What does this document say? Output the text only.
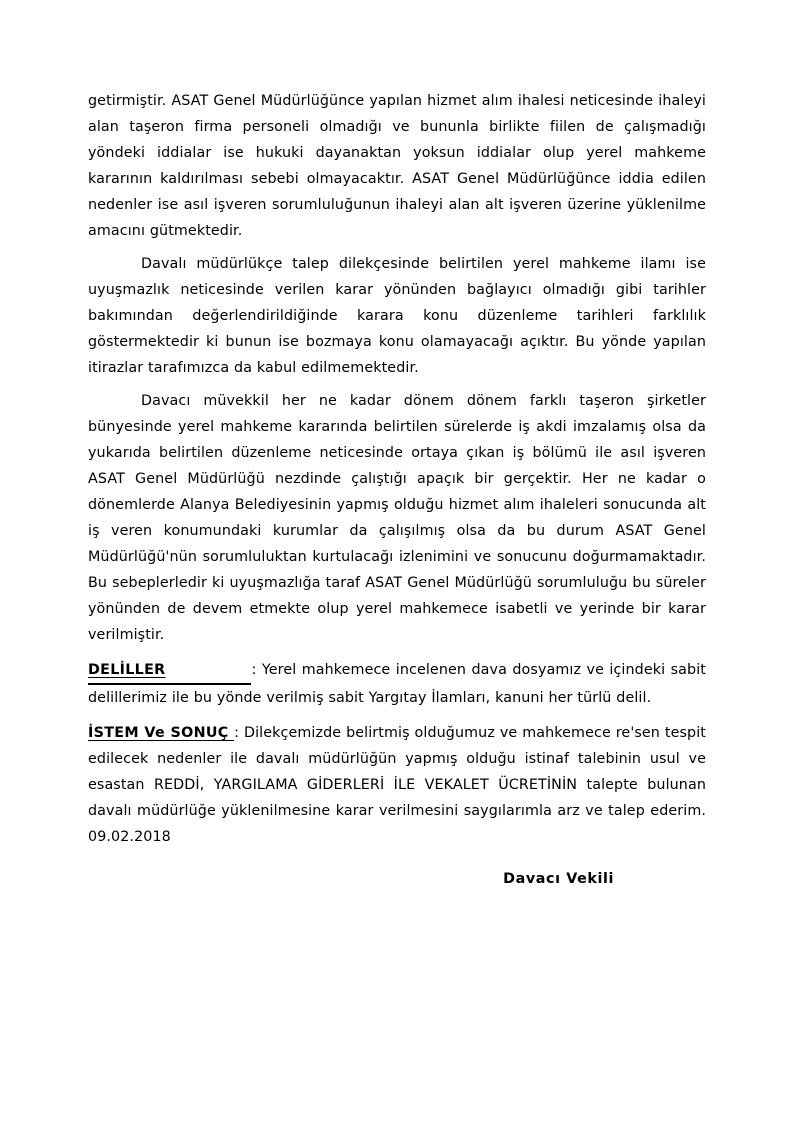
getirmiştir. ASAT Genel Müdürlüğünce yapılan hizmet alım ihalesi neticesinde ihaleyi alan taşeron firma personeli olmadığı ve bununla birlikte fiilen de çalışmadığı yöndeki iddialar ise hukuki dayanaktan yoksun iddialar olup yerel mahkeme kararının kaldırılması sebebi olmayacaktır. ASAT Genel Müdürlüğünce iddia edilen nedenler ise asıl işveren sorumluluğunun ihaleyi alan alt işveren üzerine yüklenilme amacını gütmektedir.

Davalı müdürlükçe talep dilekçesinde belirtilen yerel mahkeme ilamı ise uyuşmazlık neticesinde verilen karar yönünden bağlayıcı olmadığı gibi tarihler bakımından değerlendirildiğinde karara konu düzenleme tarihleri farklılık göstermektedir ki bunun ise bozmaya konu olamayacağı açıktır. Bu yönde yapılan itirazlar tarafımızca da kabul edilmemektedir.

Davacı müvekkil her ne kadar dönem dönem farklı taşeron şirketler bünyesinde yerel mahkeme kararında belirtilen sürelerde iş akdi imzalamış olsa da yukarıda belirtilen düzenleme neticesinde ortaya çıkan iş bölümü ile asıl işveren ASAT Genel Müdürlüğü nezdinde çalıştığı apaçık bir gerçektir. Her ne kadar o dönemlerde Alanya Belediyesinin yapmış olduğu hizmet alım ihaleleri sonucunda alt iş veren konumundaki kurumlar da çalışılmış olsa da bu durum ASAT Genel Müdürlüğü'nün sorumluluktan kurtulacağı izlenimini ve sonucunu doğurmamaktadır. Bu sebeplerledir ki uyuşmazlığa taraf ASAT Genel Müdürlüğü sorumluluğu bu süreler yönünden de devem etmekte olup yerel mahkemece isabetli ve yerinde bir karar verilmiştir.

DELİLLER	: Yerel mahkemece incelenen dava dosyamız ve içindeki sabit delillerimiz ile bu yönde verilmiş sabit Yargıtay İlamları, kanuni her türlü delil.

İSTEM Ve SONUÇ : Dilekçemizde belirtmiş olduğumuz ve mahkemece re'sen tespit edilecek nedenler ile davalı müdürlüğün yapmış olduğu istinaf talebinin usul ve esastan REDDİ, YARGILAMA GİDERLERİ İLE VEKALET ÜCRETİNİN talepte bulunan davalı müdürlüğe yüklenilmesine karar verilmesini saygılarımla arz ve talep ederim. 09.02.2018

Davacı Vekili
